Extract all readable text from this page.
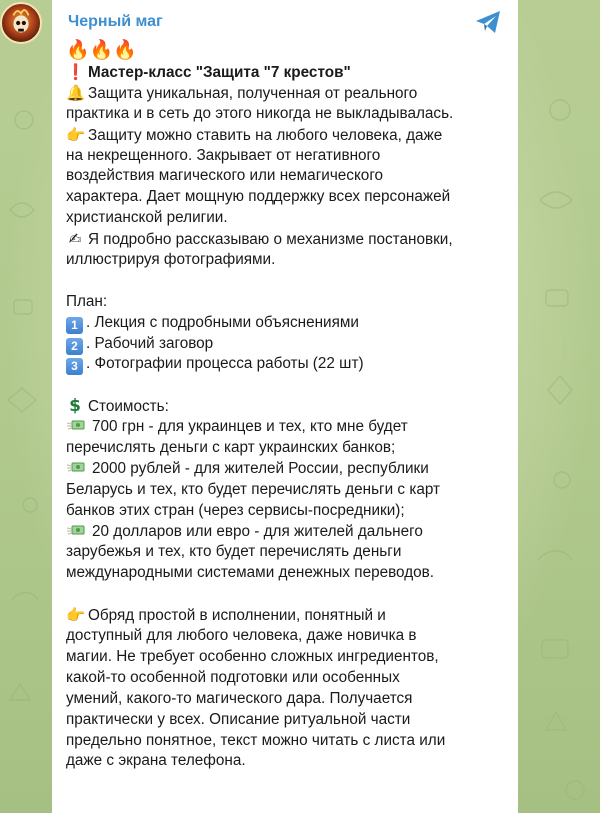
Черный маг
🔥🔥🔥
❗ Мастер-класс "Защита "7 крестов"
🔔 Защита уникальная, полученная от реального
практика и в сеть до этого никогда не выкладывалась.
👉 Защиту можно ставить на любого человека, даже
на некрещенного. Закрывает от негативного
воздействия магического или немагического
характера. Дает мощную поддержку всех персонажей
христианской религии.
✍ Я подробно рассказываю о механизме постановки,
иллюстрируя фотографиями.
План:
1 . Лекция с подробными объяснениями
2 . Рабочий заговор
3 . Фотографии процесса работы (22 шт)
$ Стоимость:
700 грн - для украинцев и тех, кто мне будет
перечислять деньги с карт украинских банков;
2000 рублей - для жителей России, республики
Беларусь и тех, кто будет перечислять деньги с карт
банков этих стран (через сервисы-посредники);
20 долларов или евро - для жителей дальнего
зарубежья и тех, кто будет перечислять деньги
международными системами денежных переводов.
👉 Обряд простой в исполнении, понятный и
доступный для любого человека, даже новичка в
магии. Не требует особенно сложных ингредиентов,
какой-то особенной подготовки или особенных
умений, какого-то магического дара. Получается
практически у всех. Описание ритуальной части
предельно понятное, текст можно читать с листа или
даже с экрана телефона.
